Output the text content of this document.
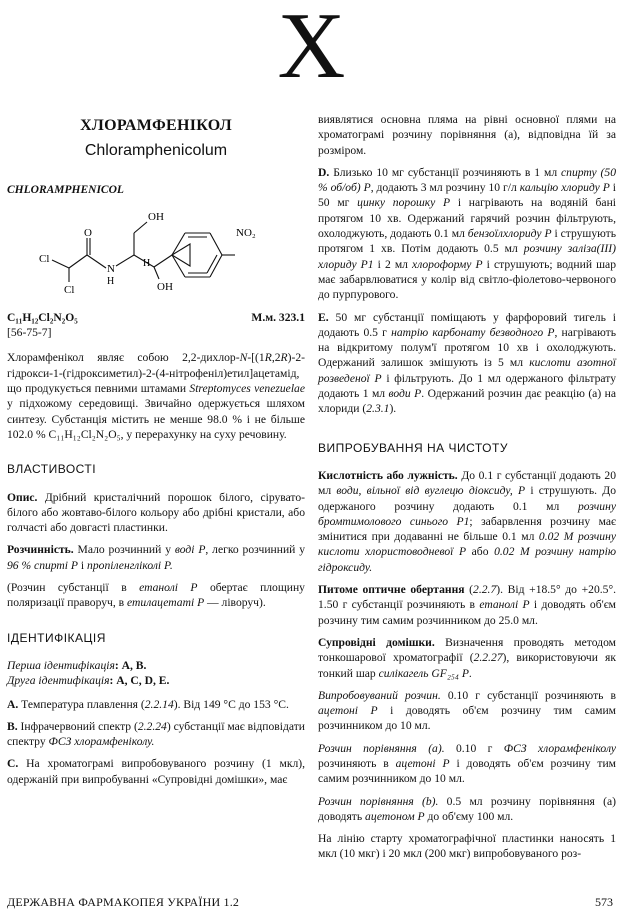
X
ХЛОРАМФЕНІКОЛ
Chloramphenicolum

CHLORAMPHENICOL

OH
NO₂
Cl
Cl
O
N
H
H
OH
C₁₁H₁₂Cl₂N₂O₅	М.м. 323.1

[56-75-7]

Хлорамфенікол являє собою 2,2-дихлор-N-[(1R,2R)-2-гідрокси-1-(гідроксиметил)-2-(4-нітрофеніл)етил]ацетамід, що продукується певними штамами Streptomyces venezuelae у підхожому середовищі. Звичайно одержується шляхом синтезу. Субстанція містить не менше 98.0 % і не більше 102.0 % C₁₁H₁₂Cl₂N₂O₅, у перерахунку на суху речовину.

ВЛАСТИВОСТІ

Опис. Дрібний кристалічний порошок білого, сірувато-білого або жовтаво-білого кольору або дрібні кристали, або голчасті або довгасті пластинки.

Розчинність. Мало розчинний у воді Р, легко розчинний у 96 % спирті Р і пропіленгліколі Р.

(Розчин субстанції в етанолі Р обертає площину поляризації праворуч, в етилацетаті Р — ліворуч).

ІДЕНТИФІКАЦІЯ

Перша ідентифікація: А, В.
Друга ідентифікація: А, С, D, Е.

А. Температура плавлення (2.2.14). Від 149 °С до 153 °С.

В. Інфрачервоний спектр (2.2.24) субстанції має відповідати спектру ФСЗ хлорамфеніколу.

С. На хроматограмі випробовуваного розчину (1 мкл), одержаній при випробуванні «Супровідні домішки», має

виявлятися основна пляма на рівні основної плями на хроматограмі розчину порівняння (а), відповідна їй за розміром.

D. Близько 10 мг субстанції розчиняють в 1 мл спирту (50 % об/об) Р, додають 3 мл розчину 10 г/л кальцію хлориду Р і 50 мг цинку порошку Р і нагрівають на водяній бані протягом 10 хв. Одержаний гарячий розчин фільтрують, охолоджують, додають 0.1 мл бензоїлхлориду Р і струшують протягом 1 хв. Потім додають 0.5 мл розчину заліза(ІІІ) хлориду Р1 і 2 мл хлороформу Р і струшують; водний шар має забарвлюватися у колір від світло-фіолетово-червоного до пурпурового.

Е. 50 мг субстанції поміщають у фарфоровий тигель і додають 0.5 г натрію карбонату безводного Р, нагрівають на відкритому полум'ї протягом 10 хв і охолоджують. Одержаний залишок змішують із 5 мл кислоти азотної розведеної Р і фільтрують. До 1 мл одержаного фільтрату додають 1 мл води Р. Одержаний розчин дає реакцію (а) на хлориди (2.3.1).

ВИПРОБУВАННЯ НА ЧИСТОТУ

Кислотність або лужність. До 0.1 г субстанції додають 20 мл води, вільної від вуглецю діоксиду, Р і струшують. До одержаного розчину додають 0.1 мл розчину бромтимолового синього Р1; забарвлення розчину має змінитися при додаванні не більше 0.1 мл 0.02 М розчину кислоти хлористоводневої Р або 0.02 М розчину натрію гідроксиду.

Питоме оптичне обертання (2.2.7). Від +18.5° до +20.5°. 1.50 г субстанції розчиняють в етанолі Р і доводять об'єм розчину тим самим розчинником до 25.0 мл.

Супровідні домішки. Визначення проводять методом тонкошарової хроматографії (2.2.27), використовуючи як тонкий шар силікагель GF₂₅₄ Р.

Випробовуваний розчин. 0.10 г субстанції розчиняють в ацетоні Р і доводять об'єм розчину тим самим розчинником до 10 мл.

Розчин порівняння (а). 0.10 г ФСЗ хлорамфеніколу розчиняють в ацетоні Р і доводять об'єм розчину тим самим розчинником до 10 мл.

Розчин порівняння (b). 0.5 мл розчину порівняння (а) доводять ацетоном Р до об'єму 100 мл.

На лінію старту хроматографічної пластинки наносять 1 мкл (10 мкг) і 20 мкл (200 мкг) випробовуваного роз-

ДЕРЖАВНА ФАРМАКОПЕЯ УКРАЇНИ 1.2	573
